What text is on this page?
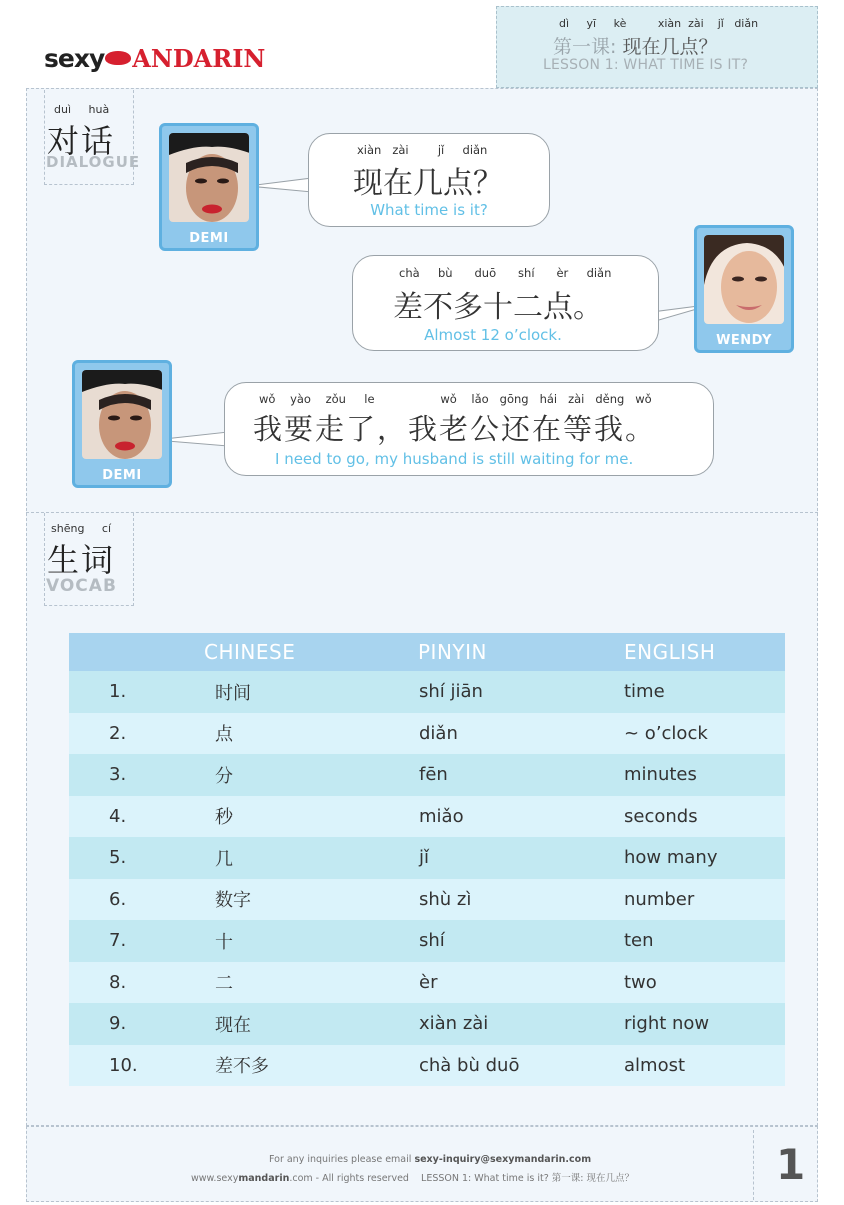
sexy ANDARIN
dì yī kè	xiàn zài jǐ diǎn
第一课: 现在几点？
LESSON 1: WHAT TIME IS IT?
duì huà
对话
DIALOGUE
DEMI
xiàn zài	jǐ diǎn
现在几点？
What time is it?
WENDY
chà bù duō shí èr diǎn
差不多十二点。
Almost 12 o’clock.
DEMI
wǒ yào zǒu le	wǒ lǎo gōng hái zài děng wǒ
我要走了，我老公还在等我。
I need to go, my husband is still waiting for me.
shēng cí
生词
VOCAB
	CHINESE	PINYIN	ENGLISH
1.	时间	shí jiān	time
2.	点	diǎn	~ o’clock
3.	分	fēn	minutes
4.	秒	miǎo	seconds
5.	几	jǐ	how many
6.	数字	shù zì	number
7.	十	shí	ten
8.	二	èr	two
9.	现在	xiàn zài	right now
10.	差不多	chà bù duō	almost
For any inquiries please email sexy-inquiry@sexymandarin.com
www.sexymandarin.com - All rights reserved LESSON 1: What time is it? 第一课: 现在几点？	1
